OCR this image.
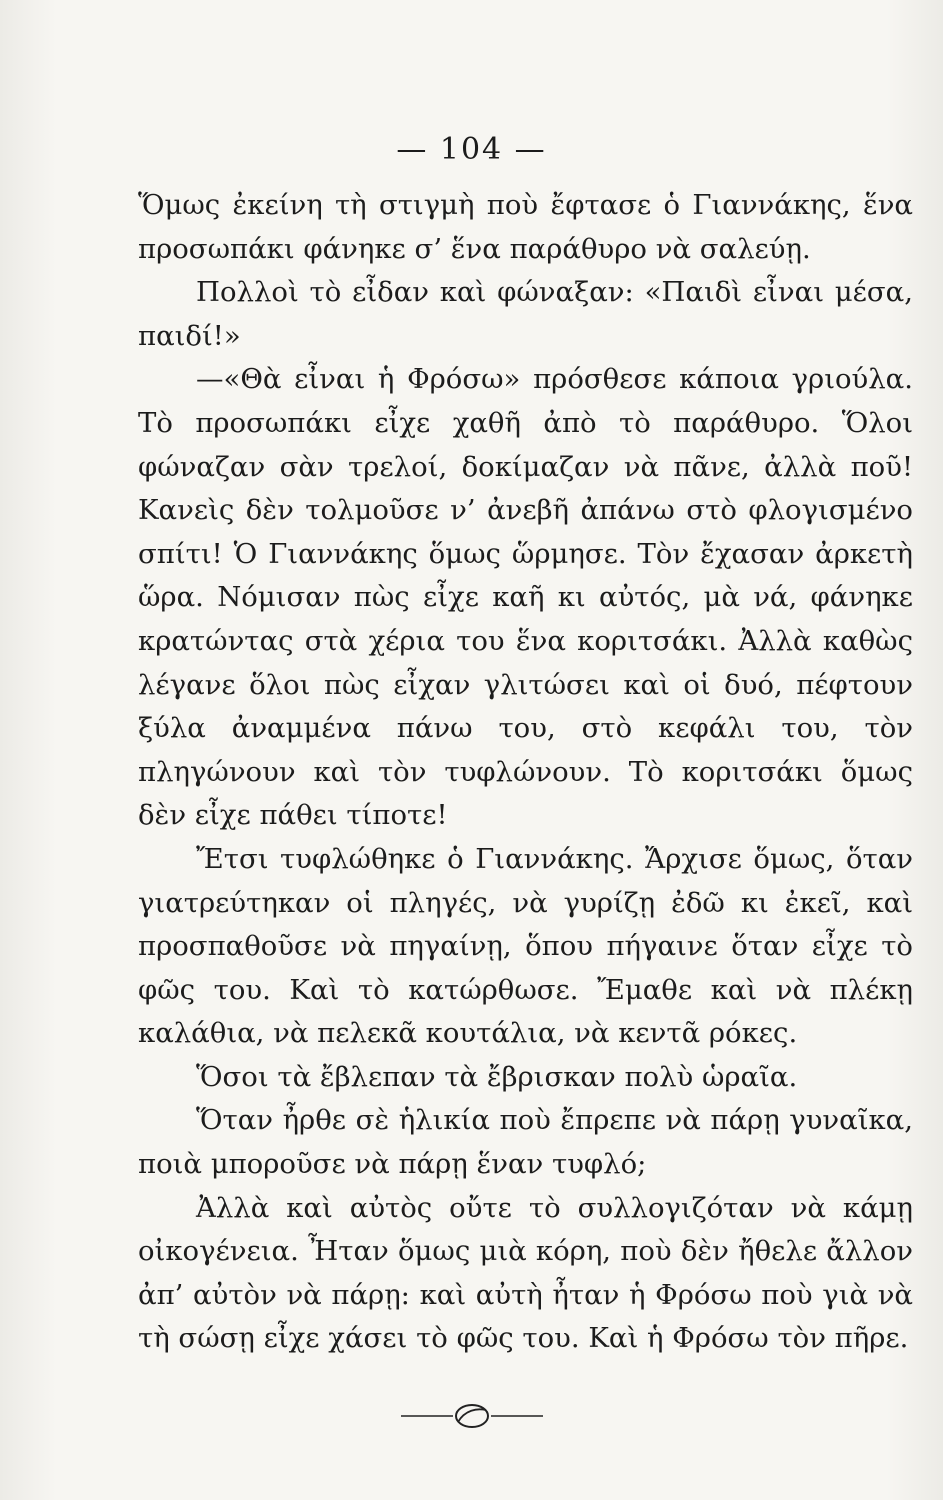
— 104 —

Ὅμως ἐκείνη τὴ στιγμὴ ποὺ ἔφτασε ὁ Γιαννάκης, ἕνα προσωπάκι φάνηκε σ’ ἕνα παράθυρο νὰ σαλεύῃ.

Πολλοὶ τὸ εἶδαν καὶ φώναξαν: «Παιδὶ εἶναι μέσα, παιδί!»

—«Θὰ εἶναι ἡ Φρόσω» πρόσθεσε κάποια γριούλα. Τὸ προσωπάκι εἶχε χαθῆ ἀπὸ τὸ παράθυρο. Ὅλοι φώναζαν σὰν τρελοί, δοκίμαζαν νὰ πᾶνε, ἀλλὰ ποῦ! Κανεὶς δὲν τολμοῦσε ν’ ἀνεβῆ ἀπάνω στὸ φλογισμένο σπίτι! Ὁ Γιαννάκης ὅμως ὥρμησε. Τὸν ἔχασαν ἀρκετὴ ὥρα. Νόμισαν πὼς εἶχε καῆ κι αὐτός, μὰ νά, φάνηκε κρατώντας στὰ χέρια του ἕνα κοριτσάκι. Ἀλλὰ καθὼς λέγανε ὅλοι πὼς εἶχαν γλιτώσει καὶ οἱ δυό, πέφτουν ξύλα ἀναμμένα πάνω του, στὸ κεφάλι του, τὸν πληγώνουν καὶ τὸν τυφλώνουν. Τὸ κοριτσάκι ὅμως δὲν εἶχε πάθει τίποτε!

Ἔτσι τυφλώθηκε ὁ Γιαννάκης. Ἄρχισε ὅμως, ὅταν γιατρεύτηκαν οἱ πληγές, νὰ γυρίζῃ ἐδῶ κι ἐκεῖ, καὶ προσπαθοῦσε νὰ πηγαίνῃ, ὅπου πήγαινε ὅταν εἶχε τὸ φῶς του. Καὶ τὸ κατώρθωσε. Ἔμαθε καὶ νὰ πλέκῃ καλάθια, νὰ πελεκᾶ κουτάλια, νὰ κεντᾶ ρόκες.

Ὅσοι τὰ ἔβλεπαν τὰ ἔβρισκαν πολὺ ὡραῖα.

Ὅταν ἦρθε σὲ ἡλικία ποὺ ἔπρεπε νὰ πάρῃ γυναῖκα, ποιὰ μποροῦσε νὰ πάρῃ ἕναν τυφλό;

Ἀλλὰ καὶ αὐτὸς οὔτε τὸ συλλογιζόταν νὰ κάμῃ οἰκογένεια. Ἦταν ὅμως μιὰ κόρη, ποὺ δὲν ἤθελε ἄλλον ἀπ’ αὐτὸν νὰ πάρῃ: καὶ αὐτὴ ἦταν ἡ Φρόσω ποὺ γιὰ νὰ τὴ σώσῃ εἶχε χάσει τὸ φῶς του. Καὶ ἡ Φρόσω τὸν πῆρε.
